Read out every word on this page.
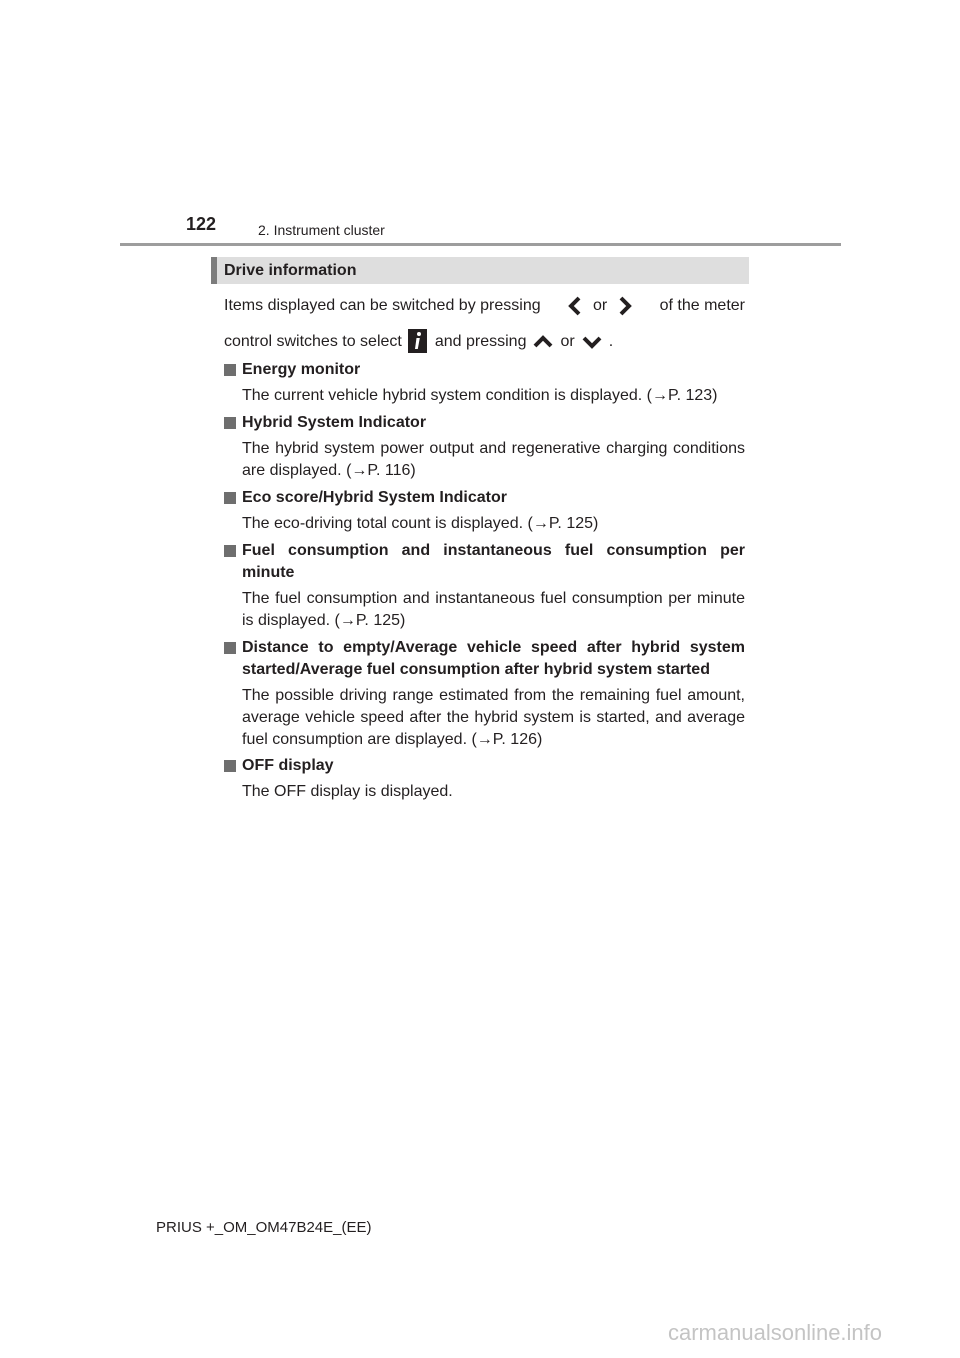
122	2. Instrument cluster
Drive information
Items displayed can be switched by pressing	or	of the meter
control switches to select and pressing or .
Energy monitor
The current vehicle hybrid system condition is displayed. (→P. 123)
Hybrid System Indicator
The hybrid system power output and regenerative charging conditions are displayed. (→P. 116)
Eco score/Hybrid System Indicator
The eco-driving total count is displayed. (→P. 125)
Fuel consumption and instantaneous fuel consumption per minute
The fuel consumption and instantaneous fuel consumption per minute is displayed. (→P. 125)
Distance to empty/Average vehicle speed after hybrid system started/Average fuel consumption after hybrid system started
The possible driving range estimated from the remaining fuel amount, average vehicle speed after the hybrid system is started, and average fuel consumption are displayed. (→P. 126)
OFF display
The OFF display is displayed.
PRIUS +_OM_OM47B24E_(EE)
carmanualsonline.info
